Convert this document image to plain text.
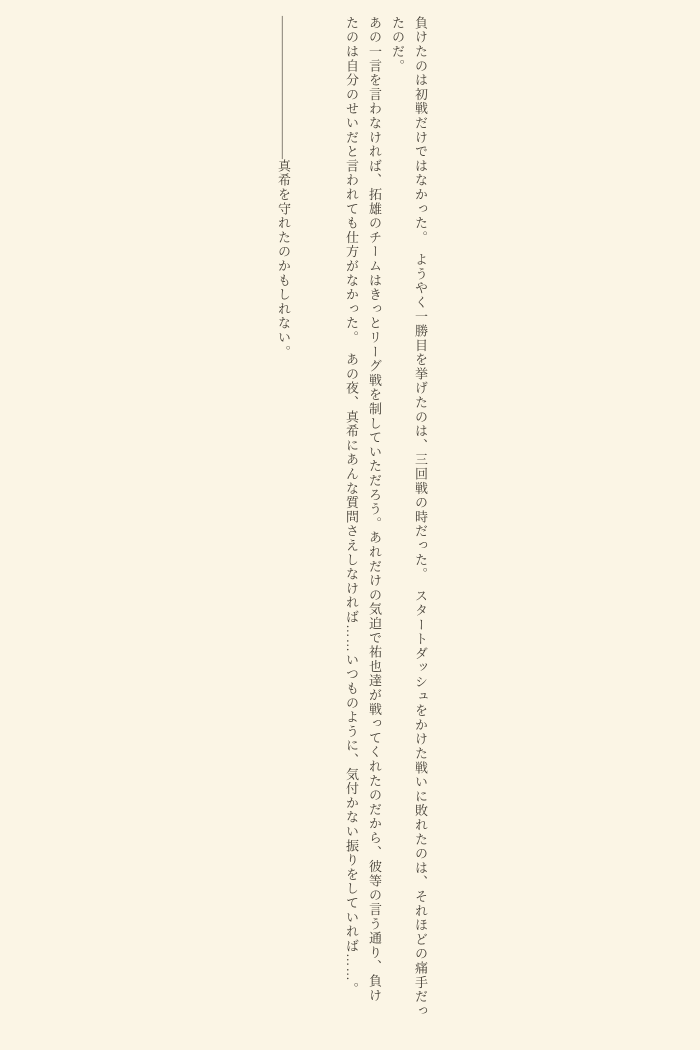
負けたのは初戦だけではなかった。　ようやく一勝目を挙げたのは、三回戦の時だった。　スタートダッシュをかけた戦いに敗れたのは、それほどの痛手だっ

たのだ。

あの一言を言わなければ、拓雄のチームはきっとリーグ戦を制していただろう。あれだけの気迫で祐也達が戦ってくれたのだから、彼等の言う通り、負け

たのは自分のせいだと言われても仕方がなかった。　あの夜、真希にあんな質問さえしなければ……いつものように、気付かない振りをしていれば……。

―――――――――――真希を守れたのかもしれない。
